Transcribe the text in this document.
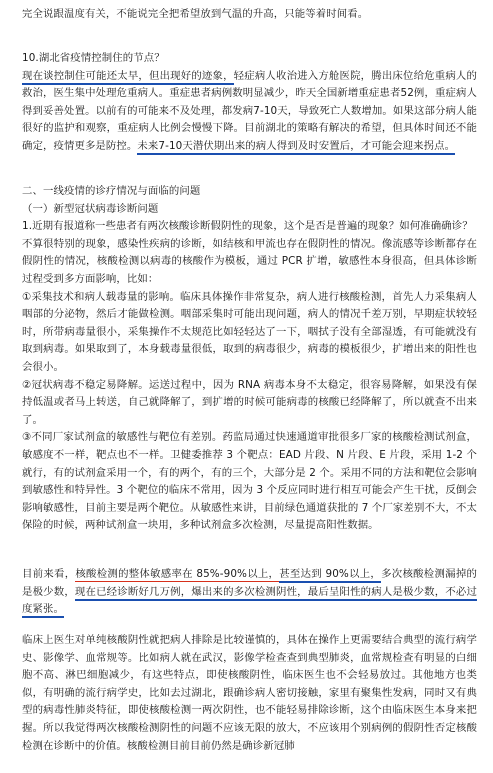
完全说跟温度有关，不能说完全把希望放到气温的升高，只能等着时间看。

10.湖北省疫情控制住的节点？

现在谈控制住可能还太早，但出现好的迹象，轻症病人收治进入方舱医院，腾出床位给危重病人的救治，医生集中处理危重病人。重症患者病例数明显减少，昨天全国新增重症患者52例，重症病人得到妥善处置。以前有的可能来不及处理，都发病7-10天，导致死亡人数增加。如果这部分病人能很好的监护和观察，重症病人比例会慢慢下降。目前湖北的策略有解决的希望，但具体时间还不能确定，疫情更多是防控。未来7-10天潜伏期出来的病人得到及时安置后，才可能会迎来拐点。

二、一线疫情的诊疗情况与面临的问题

（一）新型冠状病毒诊断问题

1.近期有报道称一些患者有两次核酸诊断假阴性的现象，这个是否是普遍的现象？如何准确确诊？

不算很特别的现象，感染性疾病的诊断，如结核和甲流也存在假阴性的情况。像流感等诊断都存在假阴性的情况，核酸检测以病毒的核酸作为模板，通过 PCR 扩增，敏感性本身很高，但具体诊断过程受到多方面影响，比如：

①采集技术和病人载毒量的影响。临床具体操作非常复杂，病人进行核酸检测，首先人力采集病人咽部的分泌物，然后才能做检测。咽部采集时可能出现问题，病人的情况千差万别，早期症状较轻时，所带病毒量很小，采集操作不太规范比如轻轻达了一下，咽拭子没有全部湿透，有可能就没有取到病毒。如果取到了，本身载毒量很低，取到的病毒很少，病毒的模板很少，扩增出来的阳性也会很小。

②冠状病毒不稳定易降解。运送过程中，因为 RNA 病毒本身不太稳定，很容易降解，如果没有保持低温或者马上转送，自己就降解了，到扩增的时候可能病毒的核酸已经降解了，所以就查不出来了。

③不同厂家试剂盒的敏感性与靶位有差别。药监局通过快速通道审批很多厂家的核酸检测试剂盒，敏感度不一样，靶点也不一样。卫健委推荐 3 个靶点：EAD 片段、N 片段、E 片段，采用 1-2 个就行，有的试剂盒采用一个，有的两个，有的三个，大部分是 2 个。采用不同的方法和靶位会影响到敏感性和特异性。3 个靶位的临床不常用，因为 3 个反应同时进行相互可能会产生干扰，反倒会影响敏感性，目前主要是两个靶位。从敏感性来讲，目前绿色通道获批的 7 个厂家差别不大，不太保险的时候，两种试剂盒一块用，多种试剂盒多次检测，尽量提高阳性数据。

目前来看，核酸检测的整体敏感率在 85%-90%以上，甚至达到 90%以上，多次核酸检测漏掉的是极少数，现在已经诊断好几万例，爆出来的多次检测阴性，最后呈阳性的病人是极少数，不必过度紧张。

临床上医生对单纯核酸阴性就把病人排除是比较谨慎的，具体在操作上更需要结合典型的流行病学史、影像学、血常规等。比如病人就在武汉，影像学检查查到典型肺炎，血常规检查有明显的白细胞不高、淋巴细胞减少，有这些特点，即使核酸阴性，临床医生也不会轻易放过。其他地方也类似，有明确的流行病学史，比如去过湖北，跟确诊病人密切接触，家里有聚集性发病，同时又有典型的病毒性肺炎特征，即使核酸检测一两次阴性，也不能轻易排除诊断，这个由临床医生本身来把握。所以我觉得两次核酸检测阴性的问题不应该无限的放大，不应该用个别病例的假阴性否定核酸检测在诊断中的价值。核酸检测目前目前仍然是确诊新冠肺
